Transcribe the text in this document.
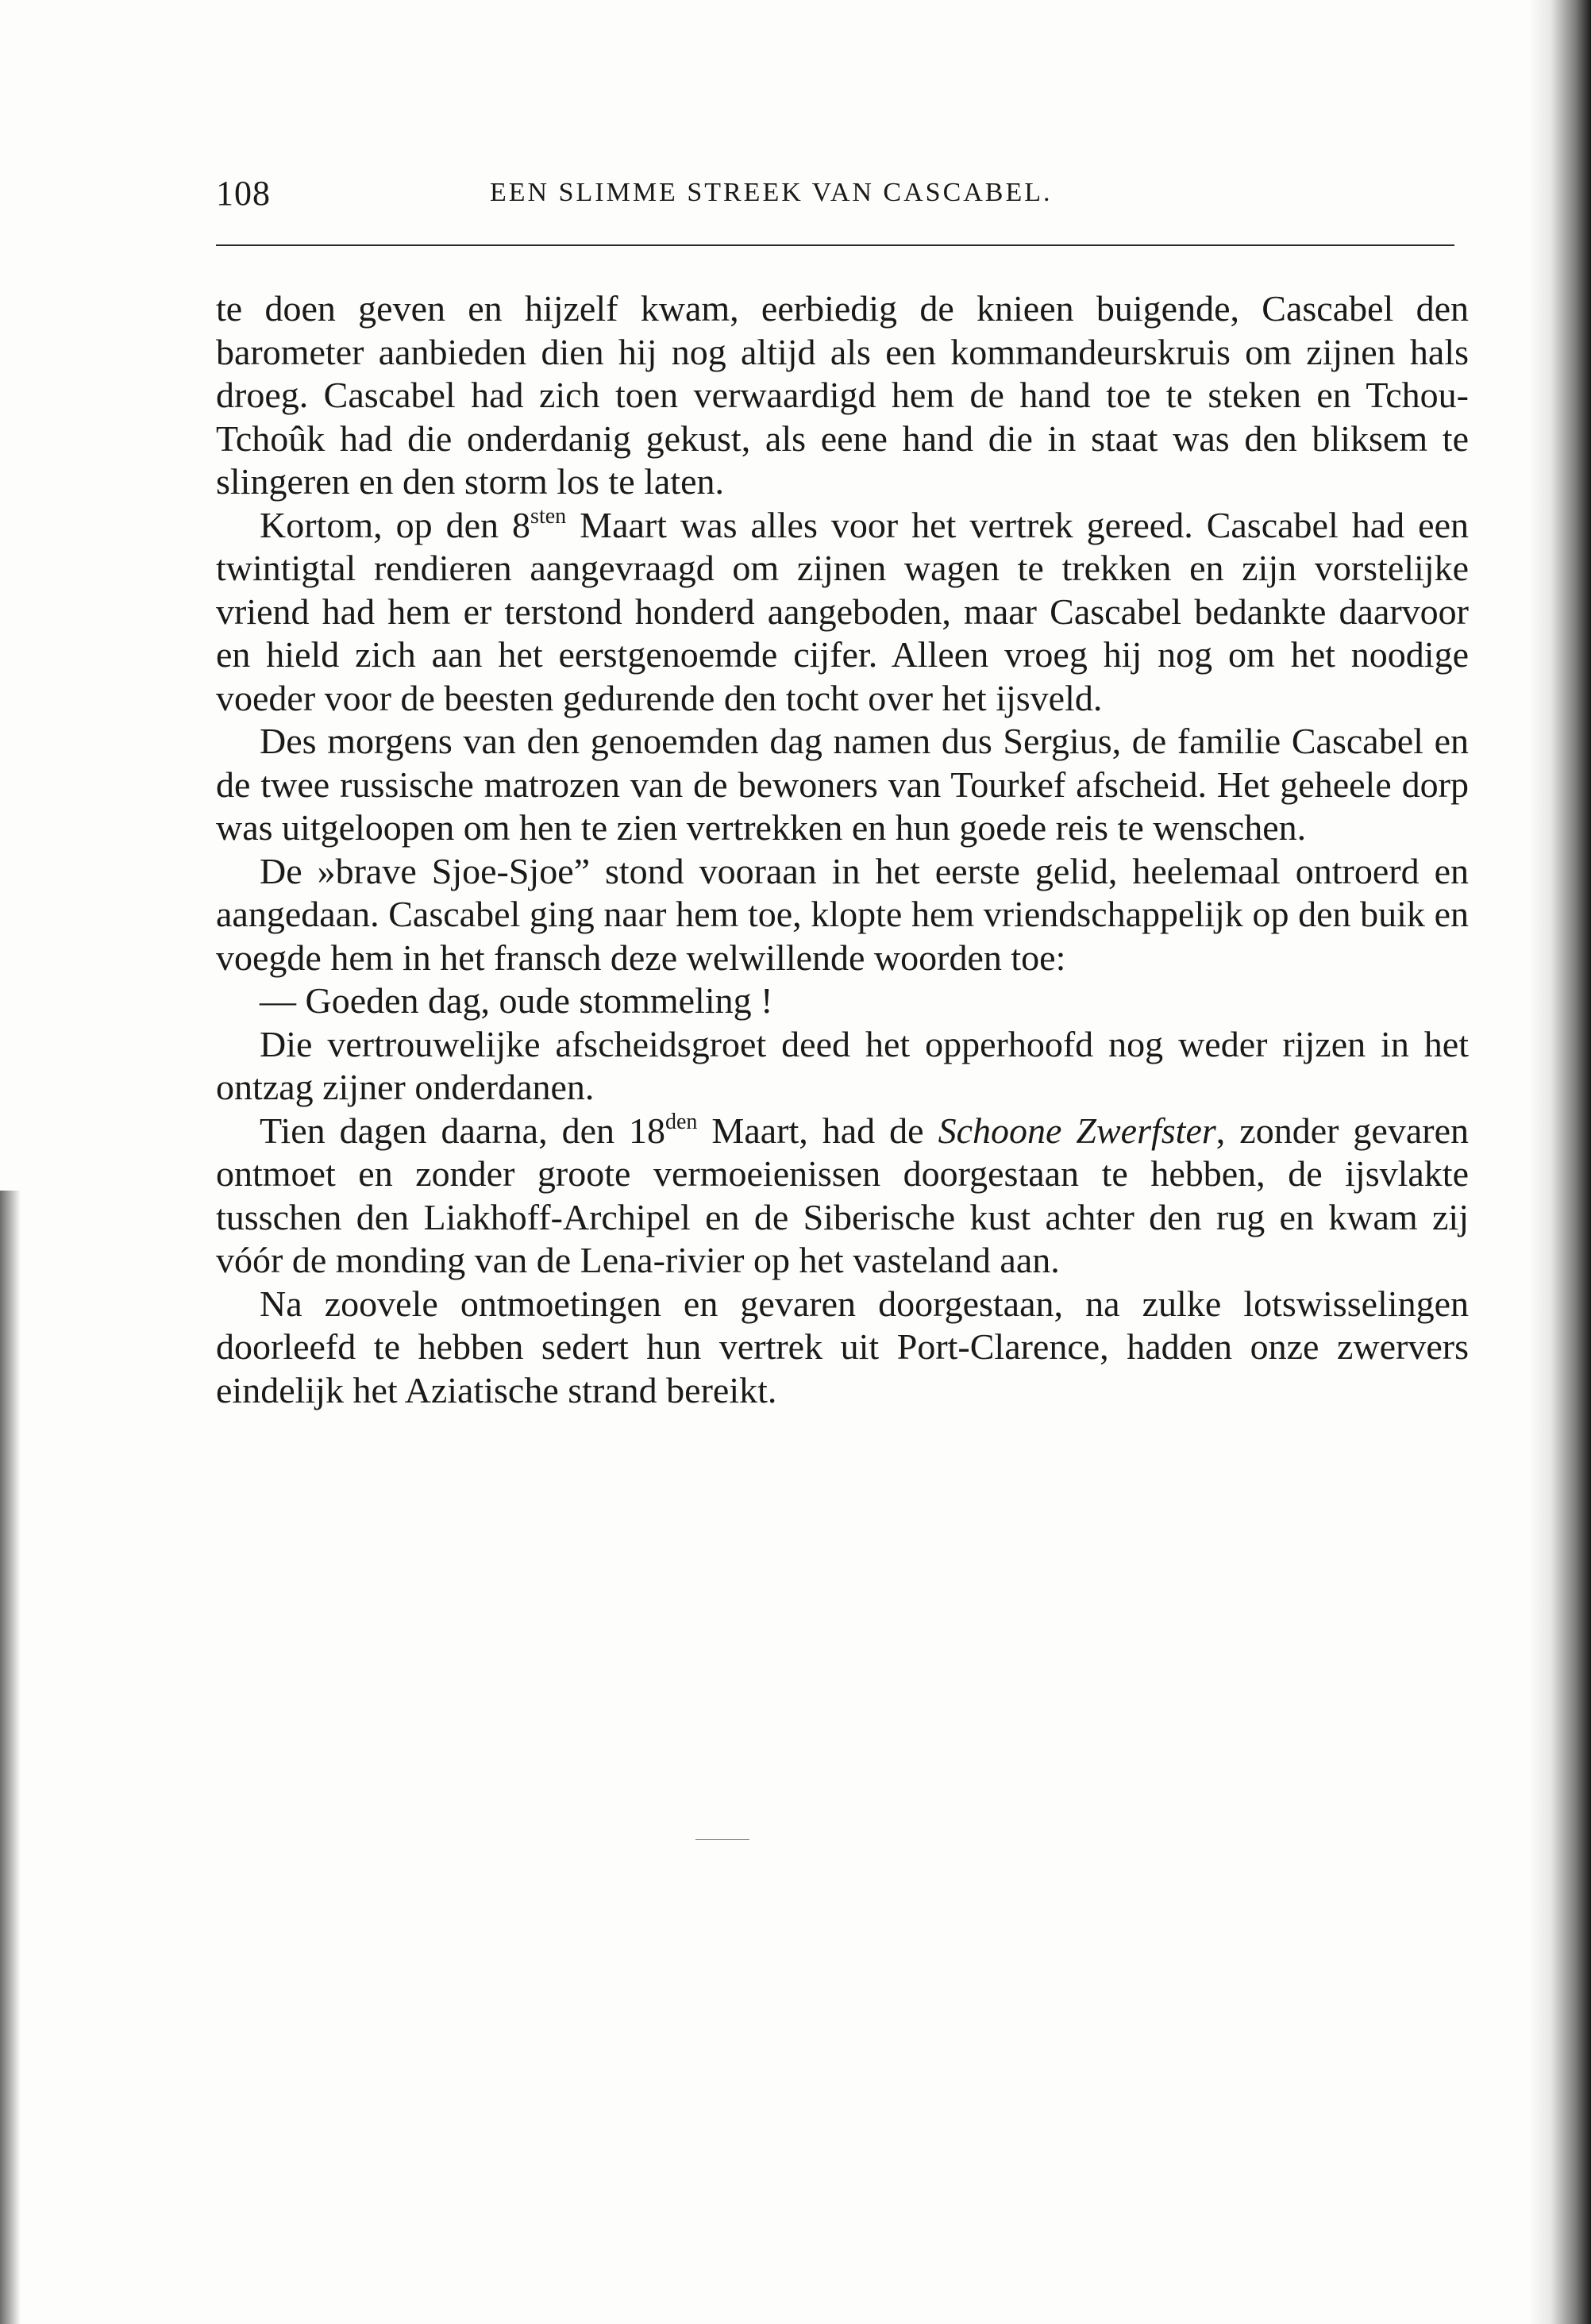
108	EEN SLIMME STREEK VAN CASCABEL.

te doen geven en hijzelf kwam, eerbiedig de knieen buigende, Cascabel den barometer aanbieden dien hij nog altijd als een kommandeurskruis om zijnen hals droeg. Cascabel had zich toen verwaardigd hem de hand toe te steken en Tchou-Tchoûk had die onderdanig gekust, als eene hand die in staat was den bliksem te slingeren en den storm los te laten.

Kortom, op den $8^{sten}$ Maart was alles voor het vertrek gereed. Cascabel had een twintigtal rendieren aangevraagd om zijnen wagen te trekken en zijn vorstelijke vriend had hem er terstond honderd aangeboden, maar Cascabel bedankte daarvoor en hield zich aan het eerstgenoemde cijfer. Alleen vroeg hij nog om het noodige voeder voor de beesten gedurende den tocht over het ijsveld.

Des morgens van den genoemden dag namen dus Sergius, de familie Cascabel en de twee russische matrozen van de bewoners van Tourkef afscheid. Het geheele dorp was uitgeloopen om hen te zien vertrekken en hun goede reis te wenschen.

De »brave Sjoe-Sjoe” stond vooraan in het eerste gelid, heelemaal ontroerd en aangedaan. Cascabel ging naar hem toe, klopte hem vriendschappelijk op den buik en voegde hem in het fransch deze welwillende woorden toe:

— Goeden dag, oude stommeling !

Die vertrouwelijke afscheidsgroet deed het opperhoofd nog weder rijzen in het ontzag zijner onderdanen.

Tien dagen daarna, den $18^{den}$ Maart, had de Schoone Zwerfster, zonder gevaren ontmoet en zonder groote vermoeienissen doorgestaan te hebben, de ijsvlakte tusschen den Liakhoff-Archipel en de Siberische kust achter den rug en kwam zij vóór de monding van de Lena-rivier op het vasteland aan.

Na zoovele ontmoetingen en gevaren doorgestaan, na zulke lotswisselingen doorleefd te hebben sedert hun vertrek uit Port-Clarence, hadden onze zwervers eindelijk het Aziatische strand bereikt.
